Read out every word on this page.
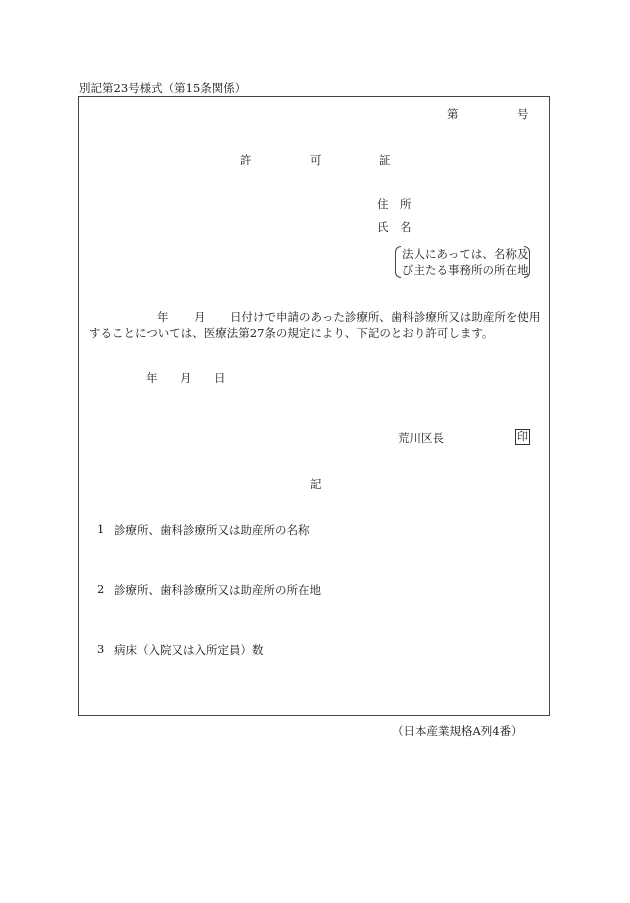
別記第23号様式（第15条関係）
第	号
許	可	証
住　所
氏　名
法人にあっては、名称及
び主たる事務所の所在地
年 月 日付けで申請のあった診療所、歯科診療所又は助産所を使用
することについては、医療法第27条の規定により、下記のとおり許可します。
年 月 日
荒川区長	印
記
1 診療所、歯科診療所又は助産所の名称
2 診療所、歯科診療所又は助産所の所在地
3 病床（入院又は入所定員）数
（日本産業規格A列4番）
